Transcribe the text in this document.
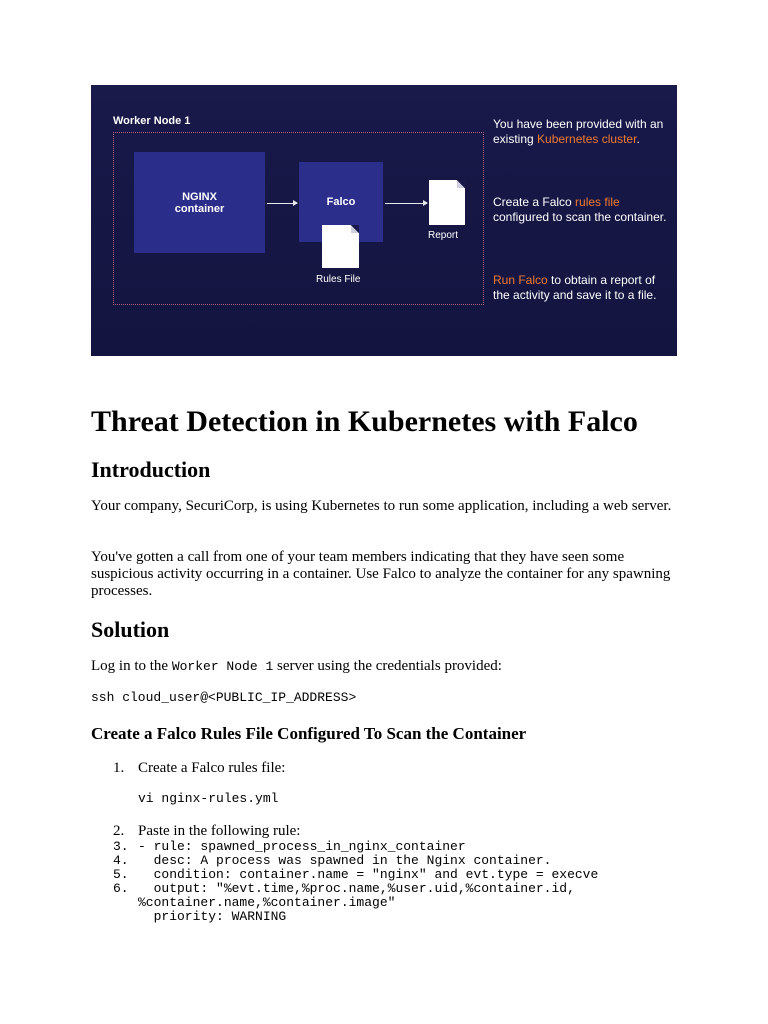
Worker Node 1
NGINX container
Falco
Report
Rules File
You have been provided with an existing Kubernetes cluster.
Create a Falco rules file configured to scan the container.
Run Falco to obtain a report of the activity and save it to a file.
Threat Detection in Kubernetes with Falco
Introduction

Your company, SecuriCorp, is using Kubernetes to run some application, including a web server.

You've gotten a call from one of your team members indicating that they have seen some suspicious activity occurring in a container. Use Falco to analyze the container for any spawning processes.

Solution

Log in to the Worker Node 1 server using the credentials provided:

ssh cloud_user@<PUBLIC_IP_ADDRESS>
Create a Falco Rules File Configured To Scan the Container
1. Create a Falco rules file:
vi nginx-rules.yml
2. Paste in the following rule:
3. - rule: spawned_process_in_nginx_container
4. desc: A process was spawned in the Nginx container.
5. condition: container.name = "nginx" and evt.type = execve
6. output: "%evt.time,%proc.name,%user.uid,%container.id,
%container.name,%container.image"
priority: WARNING
